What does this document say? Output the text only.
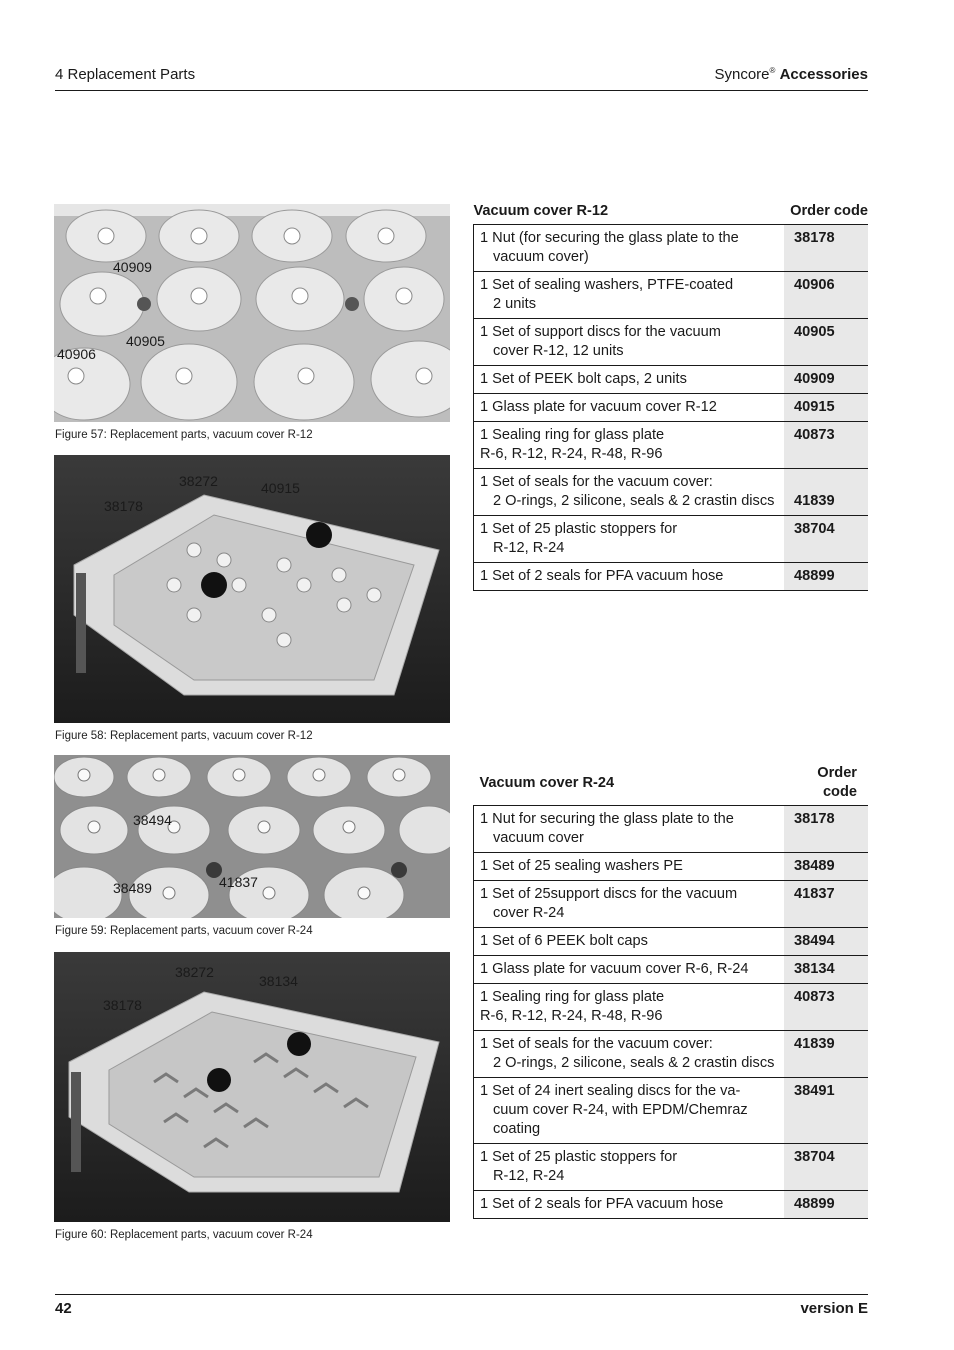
4 Replacement Parts	Syncore® Accessories
40909
40905
40906
Figure 57: Replacement parts, vacuum cover R-12
38272	40915
38178
Figure 58: Replacement parts, vacuum cover R-12
38494
38489	41837
Figure 59: Replacement parts, vacuum cover R-24
38272
38134
38178
Figure 60: Replacement parts, vacuum cover R-24
Vacuum cover R-12	Order code

1 Nut (for securing the glass plate to the
vacuum cover)	38178

1 Set of sealing washers, PTFE-coated
2 units	40906

1 Set of support discs for the vacuum
cover R-12, 12 units	40905

1 Set of PEEK bolt caps, 2 units	40909

1 Glass plate for vacuum cover R-12	40915

1 Sealing ring for glass plate
R-6, R-12, R-24, R-48, R-96	40873

1 Set of seals for the vacuum cover:
2 O-rings, 2 silicone, seals & 2 crastin discs	41839

1 Set of 25 plastic stoppers for
R-12, R-24	38704

1 Set of 2 seals for PFA vacuum hose	48899
Vacuum cover R-24	Order code

1 Nut for securing the glass plate to the
vacuum cover	38178

1 Set of 25 sealing washers PE	38489

1 Set of 25support discs for the vacuum
cover R-24	41837

1 Set of 6 PEEK bolt caps	38494

1 Glass plate for vacuum cover R-6, R-24	38134

1 Sealing ring for glass plate
R-6, R-12, R-24, R-48, R-96	40873

1 Set of seals for the vacuum cover:
2 O-rings, 2 silicone, seals & 2 crastin discs	41839

1 Set of 24 inert sealing discs for the va-
cuum cover R-24, with EPDM/Chemraz
coating	38491

1 Set of 25 plastic stoppers for
R-12, R-24	38704

1 Set of 2 seals for PFA vacuum hose	48899
42	version E
